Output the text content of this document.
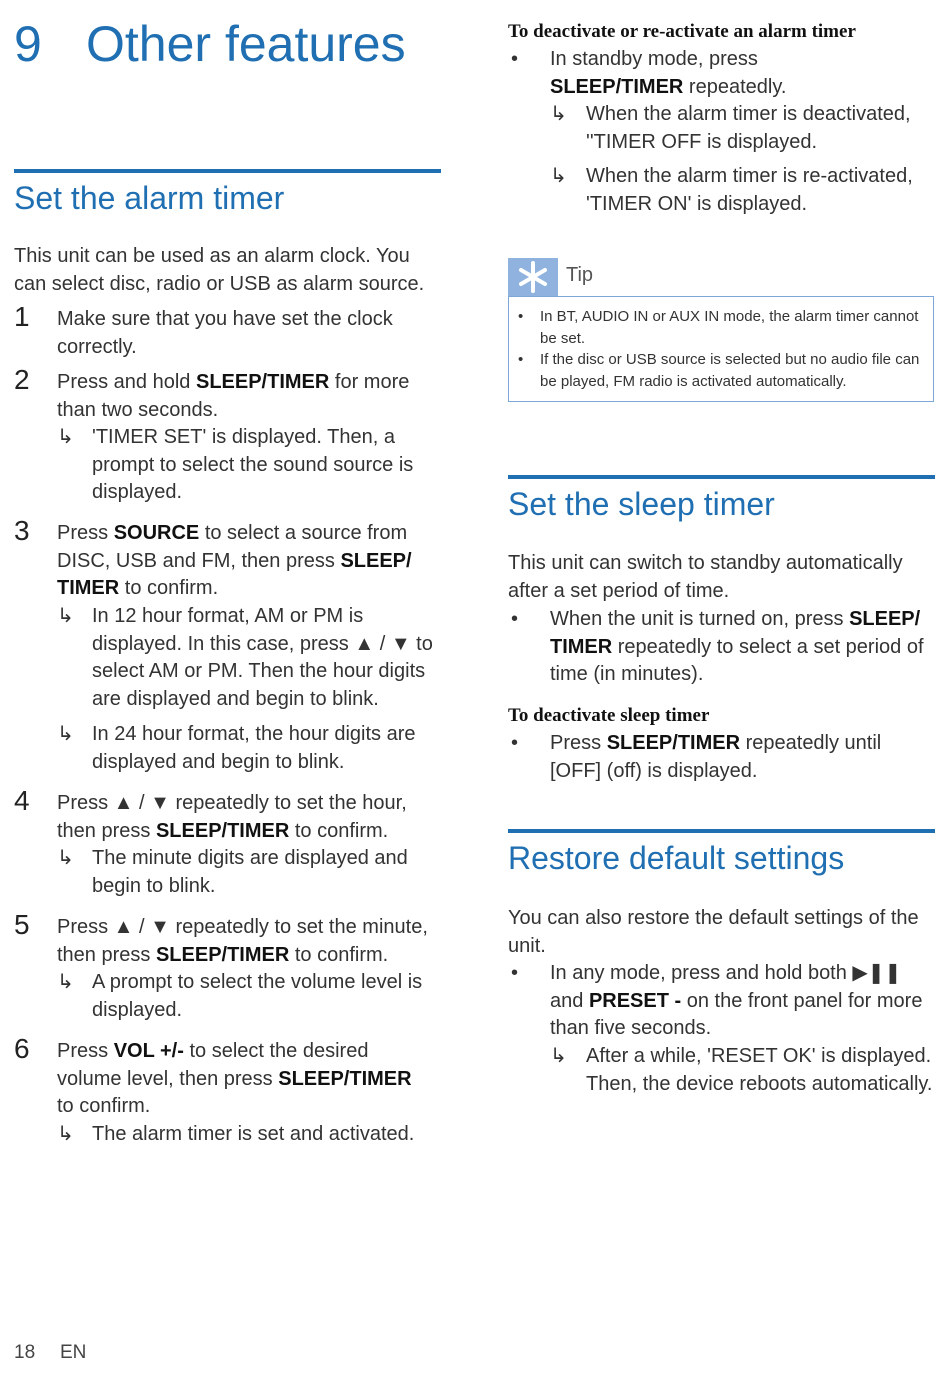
9 Other features
Set the alarm timer
This unit can be used as an alarm clock. You can select disc, radio or USB as alarm source.
1 Make sure that you have set the clock correctly.
2 Press and hold SLEEP/TIMER for more than two seconds.
↳ 'TIMER SET' is displayed. Then, a prompt to select the sound source is displayed.
3 Press SOURCE to select a source from DISC, USB and FM, then press SLEEP/ TIMER to confirm.
↳ In 12 hour format, AM or PM is displayed. In this case, press ▲ / ▼ to select AM or PM. Then the hour digits are displayed and begin to blink.
↳ In 24 hour format, the hour digits are displayed and begin to blink.
4 Press ▲ / ▼ repeatedly to set the hour, then press SLEEP/TIMER to confirm.
↳ The minute digits are displayed and begin to blink.
5 Press ▲ / ▼ repeatedly to set the minute, then press SLEEP/TIMER to confirm.
↳ A prompt to select the volume level is displayed.
6 Press VOL +/- to select the desired volume level, then press SLEEP/TIMER to confirm.
↳ The alarm timer is set and activated.
To deactivate or re-activate an alarm timer
• In standby mode, press SLEEP/TIMER repeatedly.
↳ When the alarm timer is deactivated, ''TIMER OFF is displayed.
↳ When the alarm timer is re-activated, 'TIMER ON' is displayed.
Tip
• In BT, AUDIO IN or AUX IN mode, the alarm timer cannot be set.
• If the disc or USB source is selected but no audio file can be played, FM radio is activated automatically.
Set the sleep timer
This unit can switch to standby automatically after a set period of time.
• When the unit is turned on, press SLEEP/ TIMER repeatedly to select a set period of time (in minutes).
To deactivate sleep timer
• Press SLEEP/TIMER repeatedly until [OFF] (off) is displayed.
Restore default settings
You can also restore the default settings of the unit.
• In any mode, press and hold both ▶❚❚ and PRESET - on the front panel for more than five seconds.
↳ After a while, 'RESET OK' is displayed. Then, the device reboots automatically.
18 EN
